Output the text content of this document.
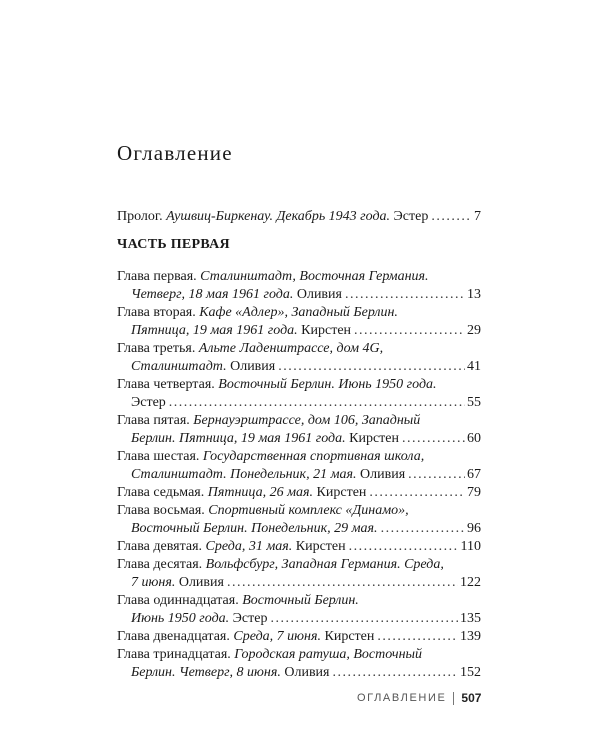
Оглавление
Пролог. Аушвиц-Биркенау. Декабрь 1943 года. Эстер . . .	7
ЧАСТЬ ПЕРВАЯ
Глава первая. Сталинштадт, Восточная Германия.
Четверг, 18 мая 1961 года. Оливия . . .	13
Глава вторая. Кафе «Адлер», Западный Берлин.
Пятница, 19 мая 1961 года. Кирстен . . .	29
Глава третья. Альте Ладенштрассе, дом 4G,
Сталинштадт. Оливия . . .	41
Глава четвертая. Восточный Берлин. Июнь 1950 года.
Эстер . . .	55
Глава пятая. Бернауэрштрассе, дом 106, Западный
Берлин. Пятница, 19 мая 1961 года. Кирстен . . .	60
Глава шестая. Государственная спортивная школа,
Сталинштадт. Понедельник, 21 мая. Оливия . . .	67
Глава седьмая. Пятница, 26 мая. Кирстен . . .	79
Глава восьмая. Спортивный комплекс «Динамо»,
Восточный Берлин. Понедельник, 29 мая. . . .	96
Глава девятая. Среда, 31 мая. Кирстен . . .	110
Глава десятая. Вольфсбург, Западная Германия. Среда,
7 июня. Оливия . . .	122
Глава одиннадцатая. Восточный Берлин.
Июнь 1950 года. Эстер . . .	135
Глава двенадцатая. Среда, 7 июня. Кирстен . . .	139
Глава тринадцатая. Городская ратуша, Восточный
Берлин. Четверг, 8 июня. Оливия . . .	152
ОГЛАВЛЕНИЕ 507
